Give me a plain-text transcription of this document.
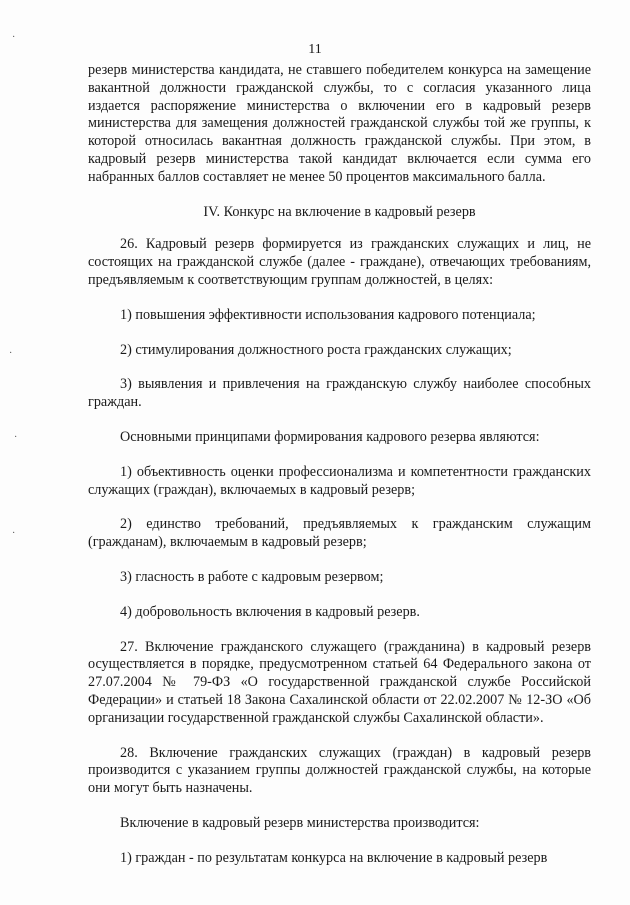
11

резерв министерства кандидата, не ставшего победителем конкурса на замещение вакантной должности гражданской службы, то с согласия указанного лица издается распоряжение министерства о включении его в кадровый резерв министерства для замещения должностей гражданской службы той же группы, к которой относилась вакантная должность гражданской службы. При этом, в кадровый резерв министерства такой кандидат включается если сумма его набранных баллов составляет не менее 50 процентов максимального балла.

IV. Конкурс на включение в кадровый резерв

26. Кадровый резерв формируется из гражданских служащих и лиц, не состоящих на гражданской службе (далее - граждане), отвечающих требованиям, предъявляемым к соответствующим группам должностей, в целях:

1) повышения эффективности использования кадрового потенциала;

2) стимулирования должностного роста гражданских служащих;

3) выявления и привлечения на гражданскую службу наиболее способных граждан.

Основными принципами формирования кадрового резерва являются:

1) объективность оценки профессионализма и компетентности гражданских служащих (граждан), включаемых в кадровый резерв;

2) единство требований, предъявляемых к гражданским служащим (гражданам), включаемым в кадровый резерв;

3) гласность в работе с кадровым резервом;

4) добровольность включения в кадровый резерв.

27. Включение гражданского служащего (гражданина) в кадровый резерв осуществляется в порядке, предусмотренном статьей 64 Федерального закона от 27.07.2004 № 79-ФЗ «О государственной гражданской службе Российской Федерации» и статьей 18 Закона Сахалинской области от 22.02.2007 № 12-ЗО «Об организации государственной гражданской службы Сахалинской области».

28. Включение гражданских служащих (граждан) в кадровый резерв производится с указанием группы должностей гражданской службы, на которые они могут быть назначены.

Включение в кадровый резерв министерства производится:

1) граждан - по результатам конкурса на включение в кадровый резерв

·
·
·
·
